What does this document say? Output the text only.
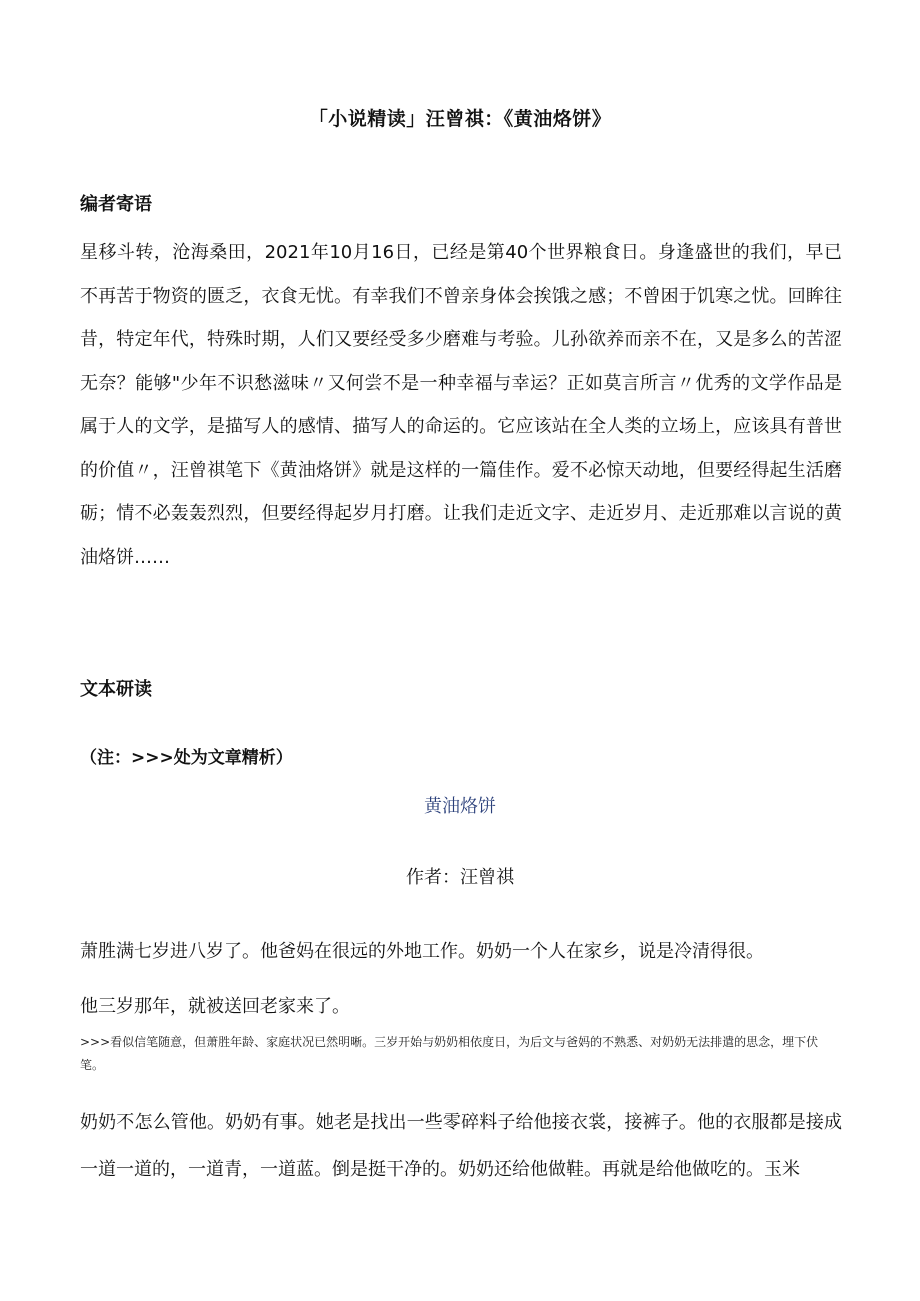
「小说精读」汪曾祺：《黄油烙饼》
编者寄语
星移斗转，沧海桑田，2021年10月16日，已经是第40个世界粮食日。身逢盛世的我们，早已不再苦于物资的匮乏，衣食无忧。有幸我们不曾亲身体会挨饿之感；不曾困于饥寒之忧。回眸往昔，特定年代，特殊时期，人们又要经受多少磨难与考验。儿孙欲养而亲不在，又是多么的苦涩无奈？能够"少年不识愁滋味〃又何尝不是一种幸福与幸运？正如莫言所言〃优秀的文学作品是属于人的文学，是描写人的感情、描写人的命运的。它应该站在全人类的立场上，应该具有普世的价值〃，汪曾祺笔下《黄油烙饼》就是这样的一篇佳作。爱不必惊天动地，但要经得起生活磨砺；情不必轰轰烈烈，但要经得起岁月打磨。让我们走近文字、走近岁月、走近那难以言说的黄油烙饼……
文本研读
（注：>>>处为文章精析）
黄油烙饼
作者：汪曾祺
萧胜满七岁进八岁了。他爸妈在很远的外地工作。奶奶一个人在家乡，说是冷清得很。
他三岁那年，就被送回老家来了。
>>>看似信笔随意，但萧胜年龄、家庭状况已然明晰。三岁开始与奶奶相依度日，为后文与爸妈的不熟悉、对奶奶无法排遣的思念，埋下伏笔。
奶奶不怎么管他。奶奶有事。她老是找出一些零碎料子给他接衣裳，接裤子。他的衣服都是接成一道一道的，一道青，一道蓝。倒是挺干净的。奶奶还给他做鞋。再就是给他做吃的。玉米
